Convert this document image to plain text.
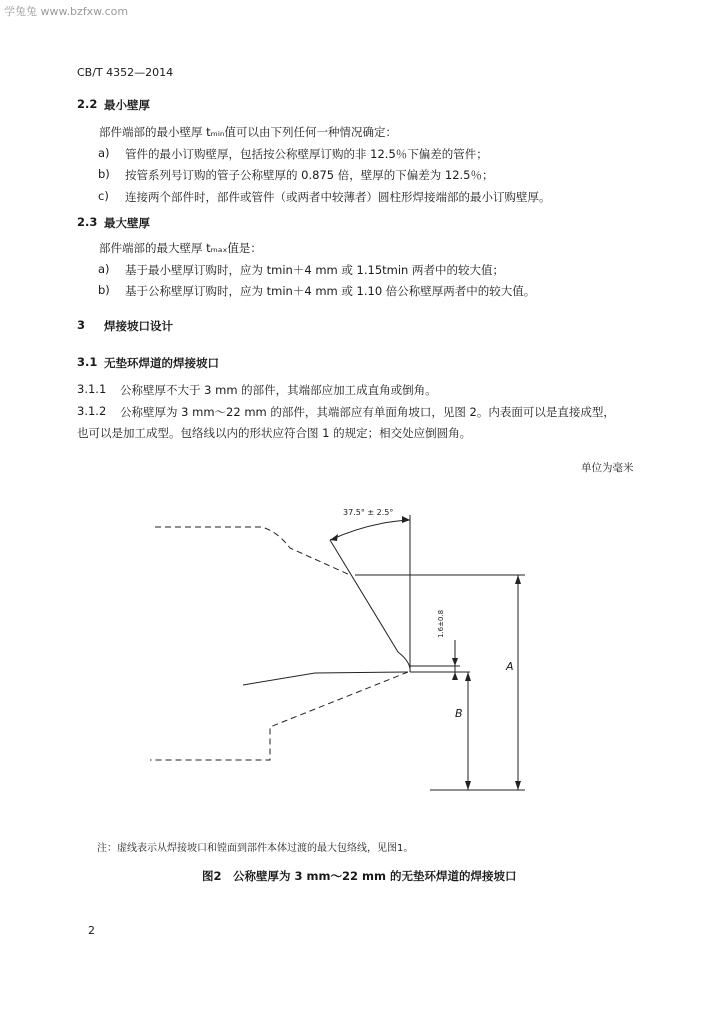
学兔兔 www.bzfxw.com
CB/T 4352—2014
2.2 最小壁厚
部件端部的最小壁厚 tₘᵢₙ值可以由下列任何一种情况确定：
a) 管件的最小订购壁厚，包括按公称壁厚订购的非 12.5％下偏差的管件；
b) 按管系列号订购的管子公称壁厚的 0.875 倍，壁厚的下偏差为 12.5％；
c) 连接两个部件时，部件或管件（或两者中较薄者）圆柱形焊接端部的最小订购壁厚。
2.3 最大壁厚
部件端部的最大壁厚 tₘₐₓ值是：
a) 基于最小壁厚订购时，应为 tmin＋4 mm 或 1.15tmin 两者中的较大值；
b) 基于公称壁厚订购时，应为 tmin＋4 mm 或 1.10 倍公称壁厚两者中的较大值。
3 焊接坡口设计
3.1 无垫环焊道的焊接坡口
3.1.1 公称壁厚不大于 3 mm 的部件，其端部应加工成直角或倒角。
3.1.2 公称壁厚为 3 mm～22 mm 的部件，其端部应有单面角坡口，见图 2。内表面可以是直接成型，
也可以是加工成型。包络线以内的形状应符合图 1 的规定；相交处应倒圆角。
单位为毫米
37.5° ± 2.5°
1.6±0.8
A
B
注：虚线表示从焊接坡口和镗面到部件本体过渡的最大包络线，见图1。
图2　公称壁厚为 3 mm～22 mm 的无垫环焊道的焊接坡口
2
